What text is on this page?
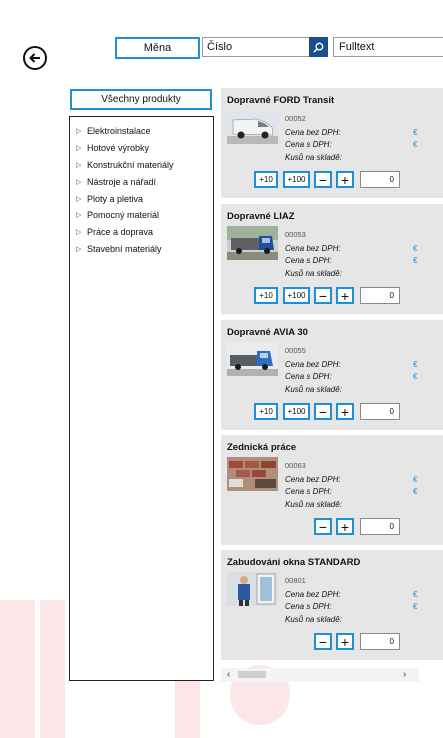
Měna	Číslo	Fulltext
Všechny produkty
▷ Elektroinstalace
▷ Hotové výrobky
▷ Konstrukční materiály
▷ Nástroje a nářadí
▷ Ploty a pletiva
▷ Pomocný materiál
▷ Práce a doprava
▷ Stavební materiály
Dopravné FORD Transit
00052
Cena bez DPH:	€
Cena s DPH:	€
Kusů na skladě:
+10 +100 − +	0
Dopravné LIAZ
00053
Cena bez DPH:	€
Cena s DPH:	€
Kusů na skladě:
+10 +100 − +	0
Dopravné AVIA 30
00055
Cena bez DPH:	€
Cena s DPH:	€
Kusů na skladě:
+10 +100 − +	0
Zednická práce
00063
Cena bez DPH:	€
Cena s DPH:	€
Kusů na skladě:
− +	0
Zabudování okna STANDARD
00801
Cena bez DPH:	€
Cena s DPH:	€
Kusů na skladě:
− +	0
‹	›
